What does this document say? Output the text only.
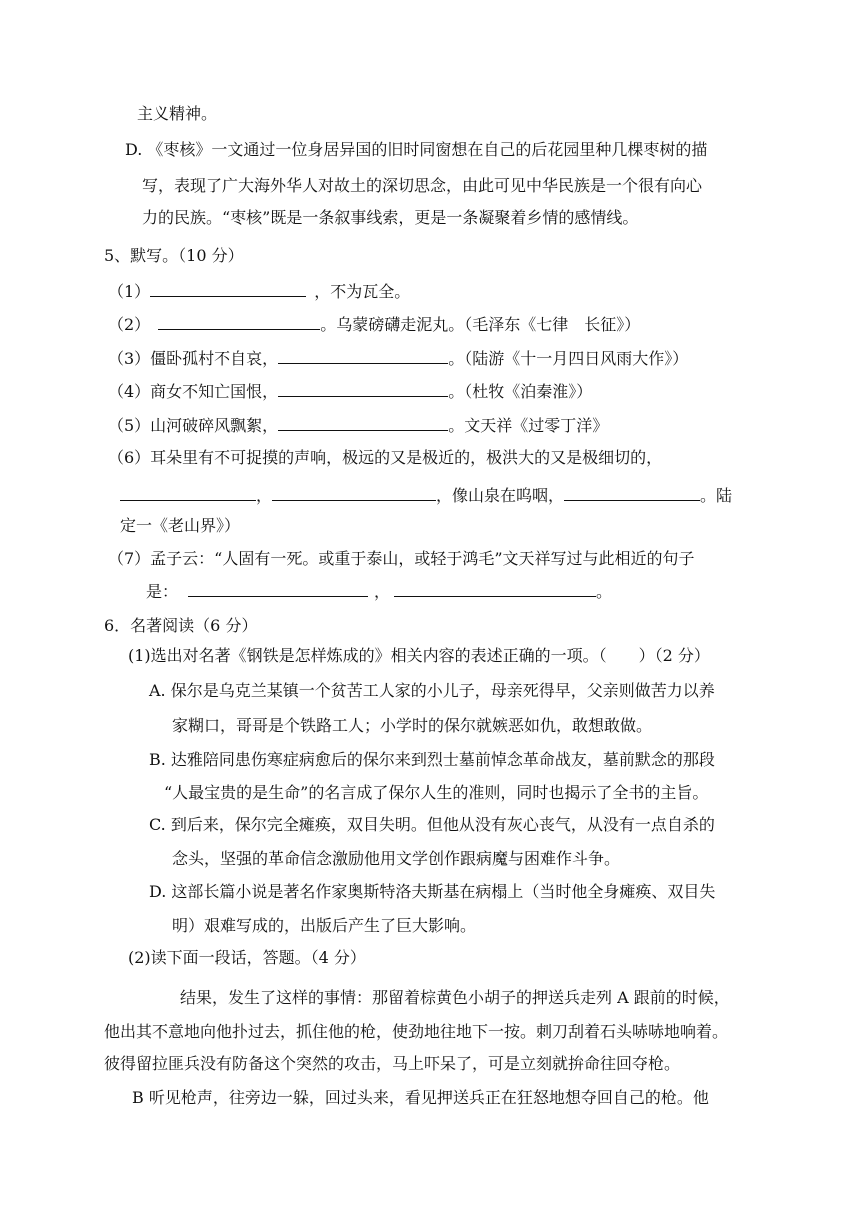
主义精神。
D. 《枣核》一文通过一位身居异国的旧时同窗想在自己的后花园里种几棵枣树的描
写，表现了广大海外华人对故土的深切思念，由此可见中华民族是一个很有向心
力的民族。“枣核”既是一条叙事线索，更是一条凝聚着乡情的感情线。
5、默写。（10 分）
（1）	，不为瓦全。
（2）	。乌蒙磅礴走泥丸。（毛泽东《七律　长征》）
（3）僵卧孤村不自哀，	。（陆游《十一月四日风雨大作》）
（4）商女不知亡国恨，	。（杜牧《泊秦淮》）
（5）山河破碎风飘絮，	。文天祥《过零丁洋》
（6）耳朵里有不可捉摸的声响，极远的又是极近的，极洪大的又是极细切的，
，	，像山泉在呜咽，	。陆
定一《老山界》）
（7）孟子云：“人固有一死。或重于泰山，或轻于鸿毛”文天祥写过与此相近的句子
是：	，	。
6．名著阅读（6 分）
(1)选出对名著《钢铁是怎样炼成的》相关内容的表述正确的一项。（　　）（2 分）
A. 保尔是乌克兰某镇一个贫苦工人家的小儿子，母亲死得早，父亲则做苦力以养
家糊口，哥哥是个铁路工人；小学时的保尔就嫉恶如仇，敢想敢做。
B. 达雅陪同患伤寒症病愈后的保尔来到烈士墓前悼念革命战友，墓前默念的那段
“人最宝贵的是生命”的名言成了保尔人生的准则，同时也揭示了全书的主旨。
C. 到后来，保尔完全瘫痪，双目失明。但他从没有灰心丧气，从没有一点自杀的
念头，坚强的革命信念激励他用文学创作跟病魔与困难作斗争。
D. 这部长篇小说是著名作家奥斯特洛夫斯基在病榻上（当时他全身瘫痪、双目失
明）艰难写成的，出版后产生了巨大影响。
(2)读下面一段话，答题。（4 分）
结果，发生了这样的事情：那留着棕黄色小胡子的押送兵走列 A 跟前的时候，
他出其不意地向他扑过去，抓住他的枪，使劲地往地下一按。刺刀刮着石头哧哧地响着。
彼得留拉匪兵没有防备这个突然的攻击，马上吓呆了，可是立刻就拚命往回夺枪。
B 听见枪声，往旁边一躲，回过头来，看见押送兵正在狂怒地想夺回自己的枪。他
